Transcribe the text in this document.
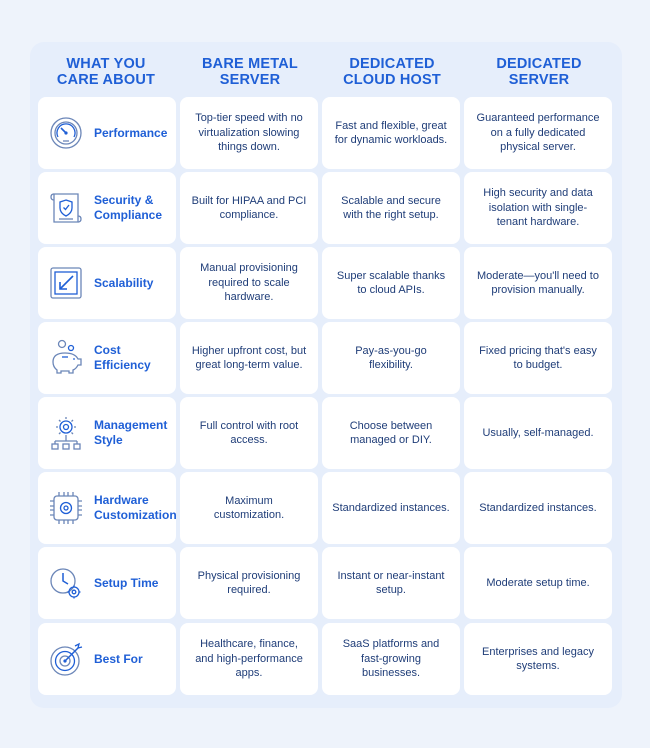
WHAT YOU
CARE ABOUT
BARE METAL
SERVER
DEDICATED
CLOUD HOST
DEDICATED
SERVER
Performance
Top-tier speed with no virtualization slowing things down.
Fast and flexible, great for dynamic workloads.
Guaranteed performance on a fully dedicated physical server.
Security &
Compliance
Built for HIPAA and PCI compliance.
Scalable and secure with the right setup.
High security and data isolation with single-tenant hardware.
Scalability
Manual provisioning required to scale hardware.
Super scalable thanks to cloud APIs.
Moderate—you'll need to provision manually.
Cost
Efficiency
Higher upfront cost, but great long-term value.
Pay-as-you-go flexibility.
Fixed pricing that's easy to budget.
Management
Style
Full control with root access.
Choose between managed or DIY.
Usually, self-managed.
Hardware
Customization
Maximum customization.
Standardized instances.	Standardized instances.
Setup Time	Physical provisioning required.
Instant or near-instant setup.
Moderate setup time.
Best For
Healthcare, finance, and high-performance apps.
SaaS platforms and fast-growing businesses.
Enterprises and legacy systems.
